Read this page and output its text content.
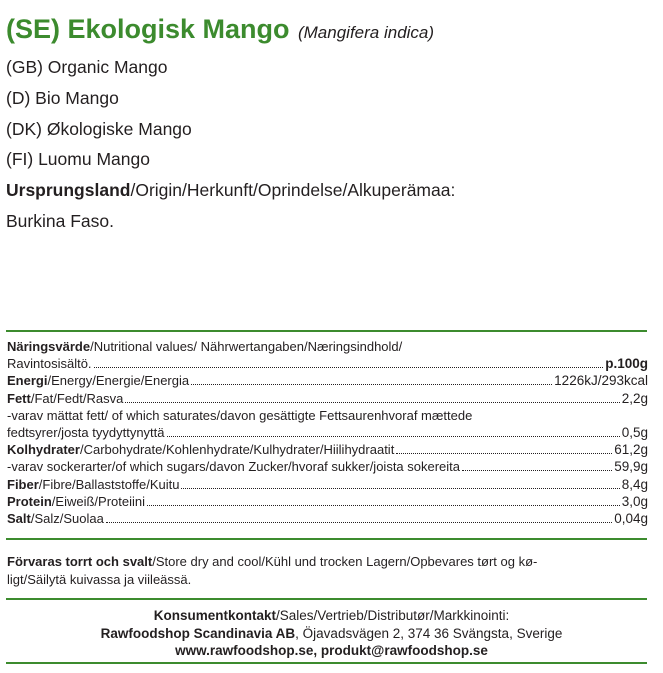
(SE) Ekologisk Mango (Mangifera indica)
(GB) Organic Mango
(D) Bio Mango
(DK) Økologiske Mango
(FI) Luomu Mango
Ursprungsland/Origin/Herkunft/Oprindelse/Alkuperämaa:
Burkina Faso.
Näringsvärde/Nutritional values/ Nährwertangaben/Næringsindhold/
Ravintosisältö.	p.100g
Energi/Energy/Energie/Energia	1226kJ/293kcal
Fett/Fat/Fedt/Rasva	2,2g
-varav mättat fett/ of which saturates/davon gesättigte Fettsaurenhvoraf mættede
fedtsyrer/josta tyydyttynyttä	0,5g
Kolhydrater/Carbohydrate/Kohlenhydrate/Kulhydrater/Hiilihydraatit	61,2g
-varav sockerarter/of which sugars/davon Zucker/hvoraf sukker/joista sokereita	59,9g
Fiber/Fibre/Ballaststoffe/Kuitu	8,4g
Protein/Eiweiß/Proteiini	3,0g
Salt/Salz/Suolaa	0,04g
Förvaras torrt och svalt/Store dry and cool/Kühl und trocken Lagern/Opbevares tørt og kø-
ligt/Säilytä kuivassa ja viileässä.
Konsumentkontakt/Sales/Vertrieb/Distributør/Markkinointi:
Rawfoodshop Scandinavia AB, Öjavadsvägen 2, 374 36 Svängsta, Sverige
www.rawfoodshop.se, produkt@rawfoodshop.se
